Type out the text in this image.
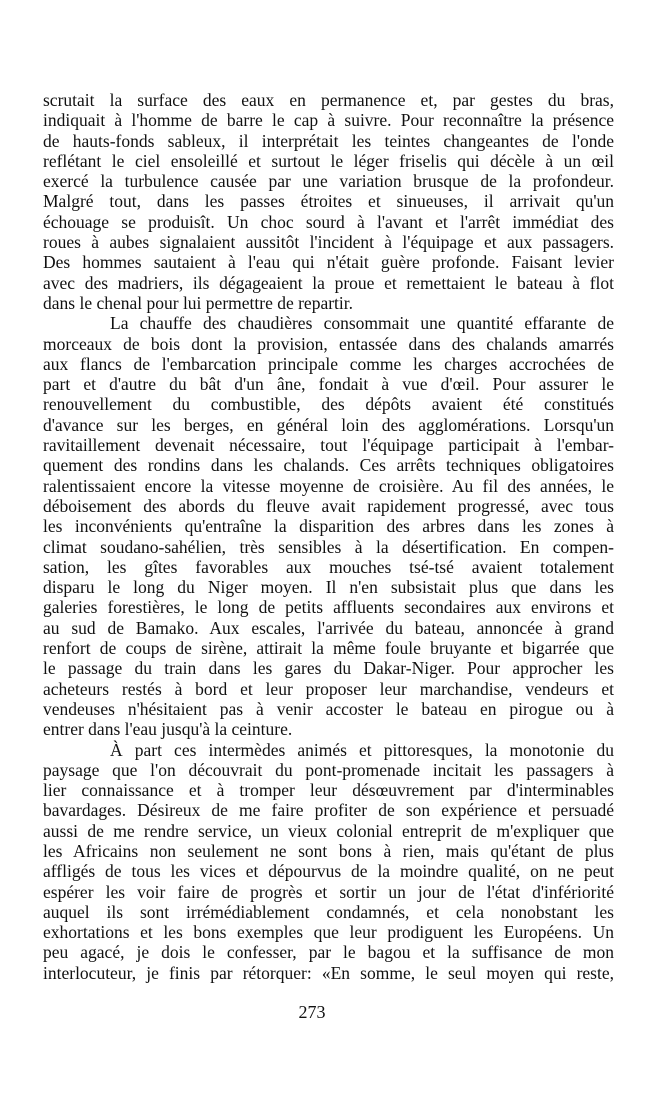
scrutait la surface des eaux en permanence et, par gestes du bras,
indiquait à l'homme de barre le cap à suivre. Pour reconnaître la présence
de hauts-fonds sableux, il interprétait les teintes changeantes de l'onde
reflétant le ciel ensoleillé et surtout le léger friselis qui décèle à un œil
exercé la turbulence causée par une variation brusque de la profondeur.
Malgré tout, dans les passes étroites et sinueuses, il arrivait qu'un
échouage se produisît. Un choc sourd à l'avant et l'arrêt immédiat des
roues à aubes signalaient aussitôt l'incident à l'équipage et aux passagers.
Des hommes sautaient à l'eau qui n'était guère profonde. Faisant levier
avec des madriers, ils dégageaient la proue et remettaient le bateau à flot
dans le chenal pour lui permettre de repartir.
La chauffe des chaudières consommait une quantité effarante de
morceaux de bois dont la provision, entassée dans des chalands amarrés
aux flancs de l'embarcation principale comme les charges accrochées de
part et d'autre du bât d'un âne, fondait à vue d'œil. Pour assurer le
renouvellement du combustible, des dépôts avaient été constitués
d'avance sur les berges, en général loin des agglomérations. Lorsqu'un
ravitaillement devenait nécessaire, tout l'équipage participait à l'embar-
quement des rondins dans les chalands. Ces arrêts techniques obligatoires
ralentissaient encore la vitesse moyenne de croisière. Au fil des années, le
déboisement des abords du fleuve avait rapidement progressé, avec tous
les inconvénients qu'entraîne la disparition des arbres dans les zones à
climat soudano-sahélien, très sensibles à la désertification. En compen-
sation, les gîtes favorables aux mouches tsé-tsé avaient totalement
disparu le long du Niger moyen. Il n'en subsistait plus que dans les
galeries forestières, le long de petits affluents secondaires aux environs et
au sud de Bamako. Aux escales, l'arrivée du bateau, annoncée à grand
renfort de coups de sirène, attirait la même foule bruyante et bigarrée que
le passage du train dans les gares du Dakar-Niger. Pour approcher les
acheteurs restés à bord et leur proposer leur marchandise, vendeurs et
vendeuses n'hésitaient pas à venir accoster le bateau en pirogue ou à
entrer dans l'eau jusqu'à la ceinture.
À part ces intermèdes animés et pittoresques, la monotonie du
paysage que l'on découvrait du pont-promenade incitait les passagers à
lier connaissance et à tromper leur désœuvrement par d'interminables
bavardages. Désireux de me faire profiter de son expérience et persuadé
aussi de me rendre service, un vieux colonial entreprit de m'expliquer que
les Africains non seulement ne sont bons à rien, mais qu'étant de plus
affligés de tous les vices et dépourvus de la moindre qualité, on ne peut
espérer les voir faire de progrès et sortir un jour de l'état d'infériorité
auquel ils sont irrémédiablement condamnés, et cela nonobstant les
exhortations et les bons exemples que leur prodiguent les Européens. Un
peu agacé, je dois le confesser, par le bagou et la suffisance de mon
interlocuteur, je finis par rétorquer: «En somme, le seul moyen qui reste,
273
